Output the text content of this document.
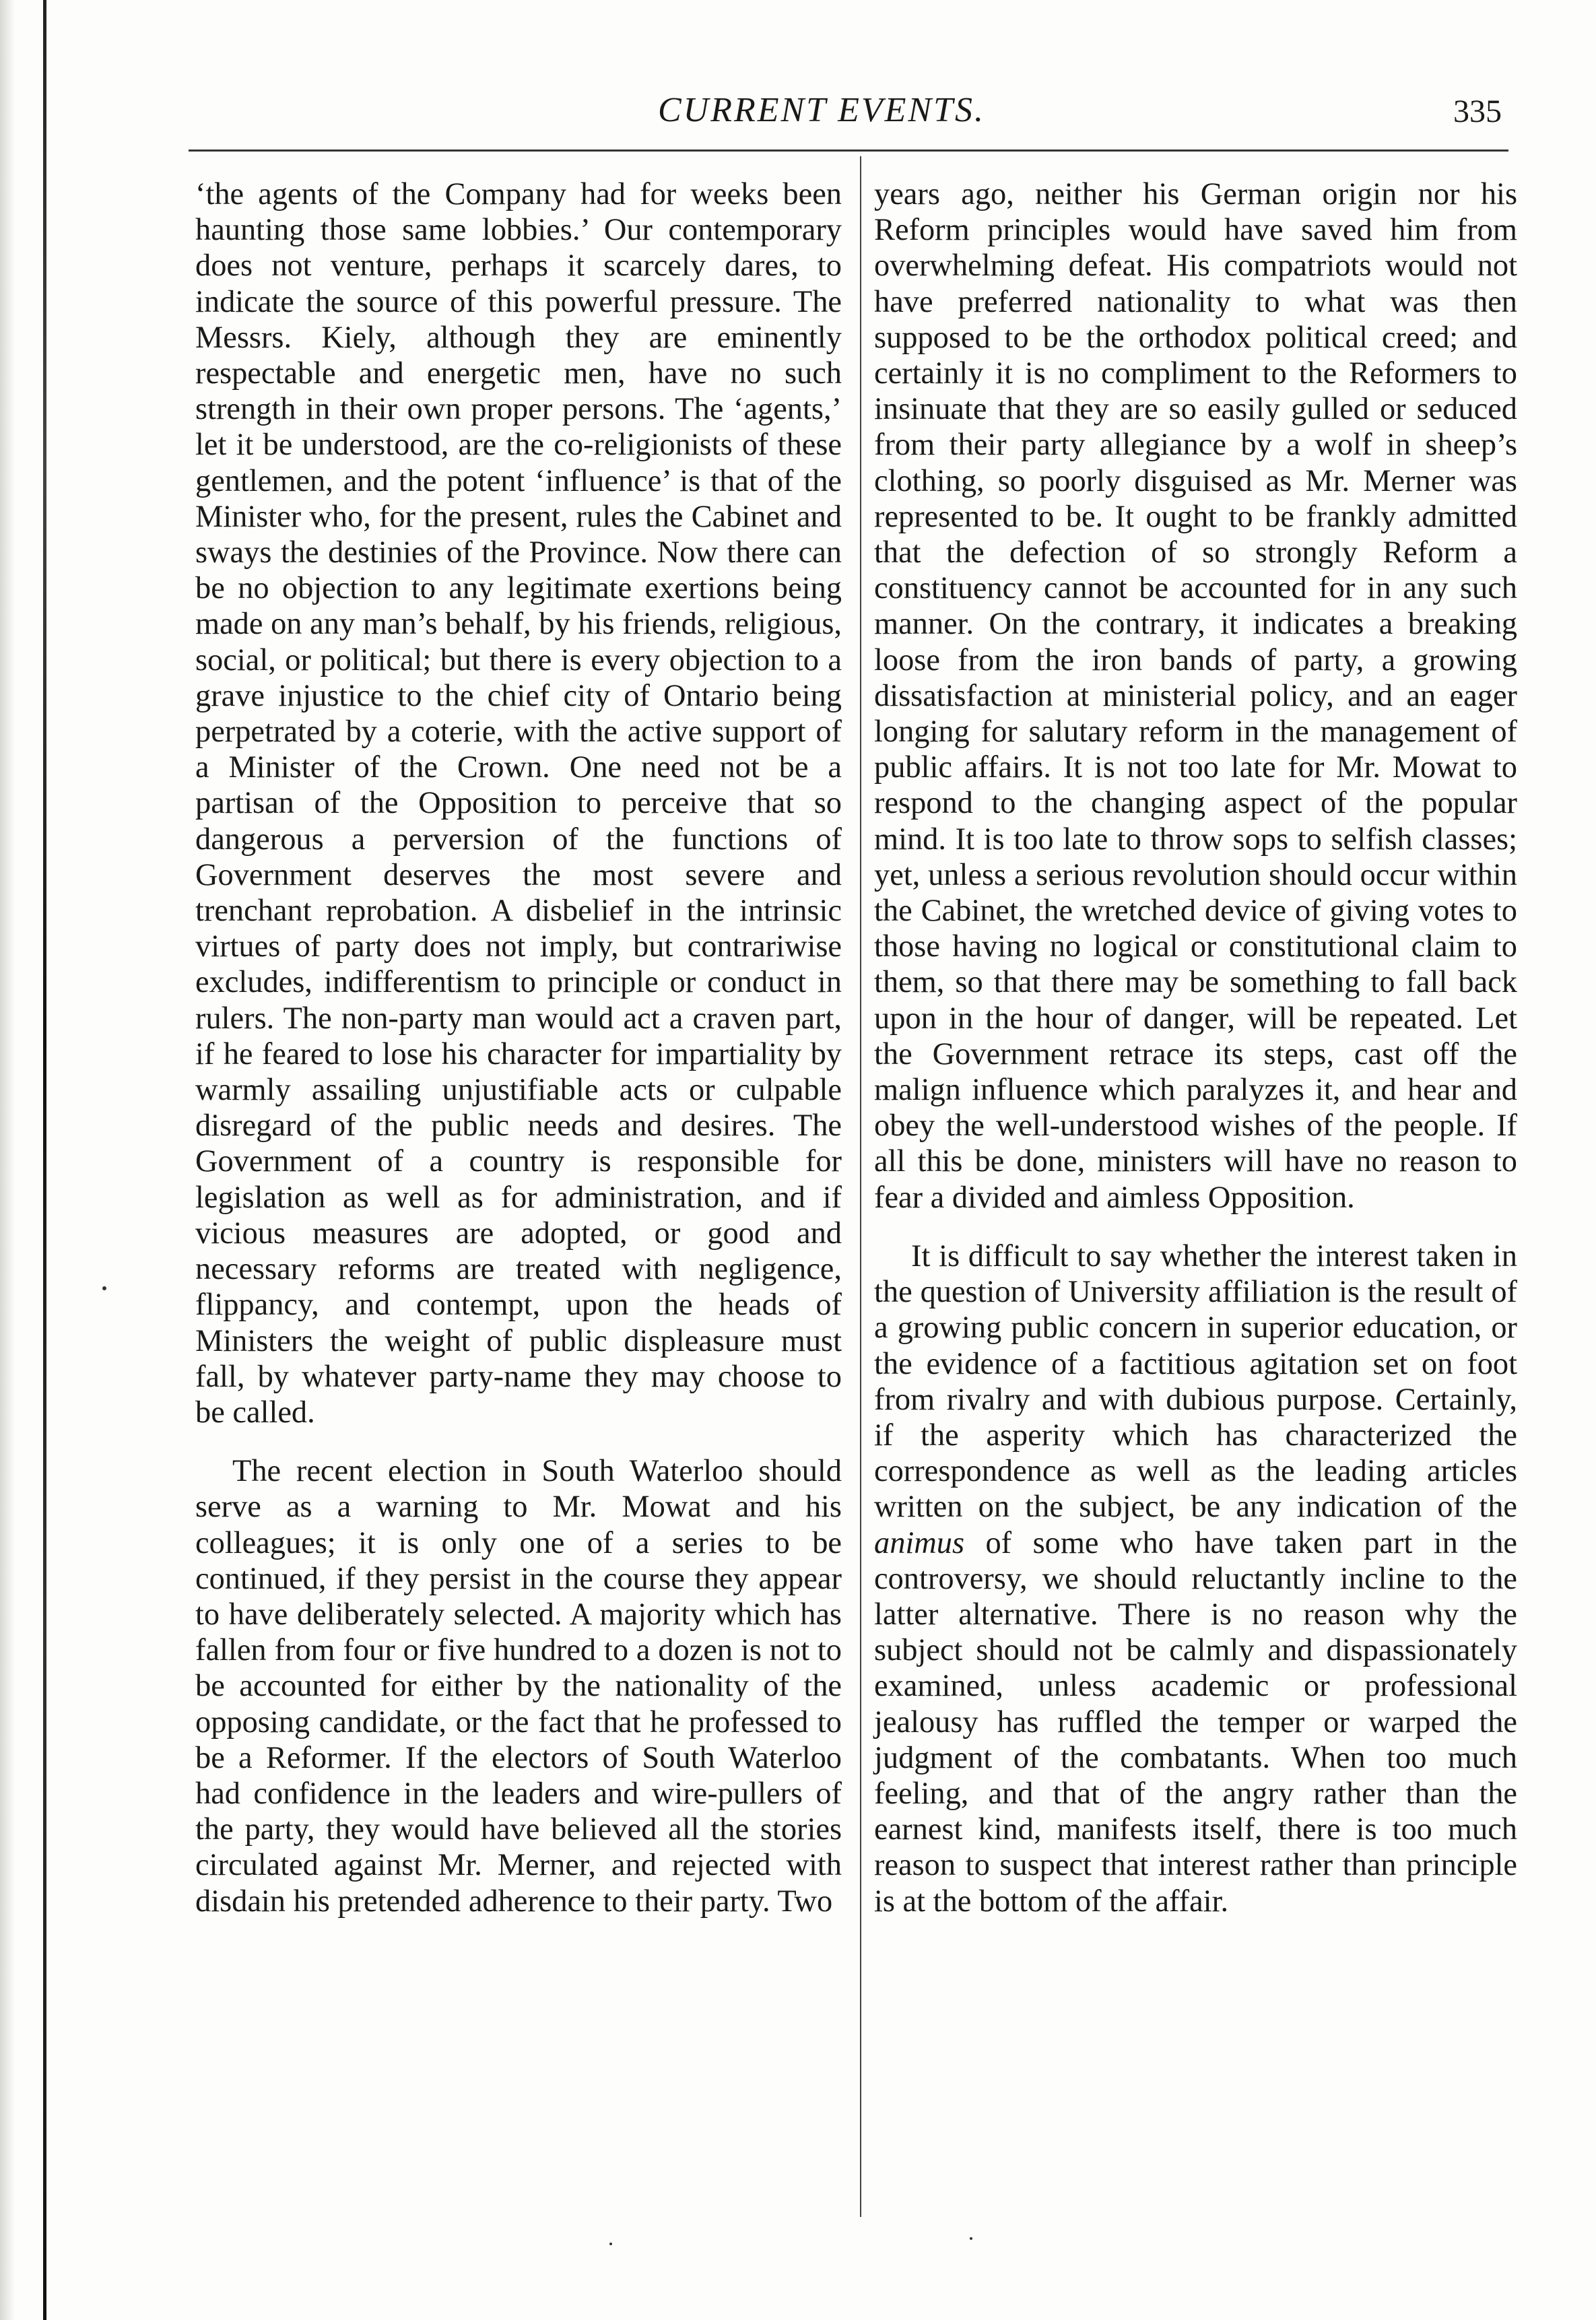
CURRENT EVENTS.	335

‘the agents of the Company had for weeks been haunting those same lobbies.’ Our contemporary does not venture, perhaps it scarcely dares, to indicate the source of this powerful pressure. The Messrs. Kiely, although they are eminently respectable and energetic men, have no such strength in their own proper persons. The ‘agents,’ let it be understood, are the co-religionists of these gentlemen, and the potent ‘influence’ is that of the Minister who, for the present, rules the Cabinet and sways the destinies of the Province. Now there can be no objection to any legitimate exertions being made on any man’s behalf, by his friends, religious, social, or political; but there is every objection to a grave injustice to the chief city of Ontario being perpetrated by a coterie, with the active support of a Minister of the Crown. One need not be a partisan of the Opposition to perceive that so dangerous a perversion of the functions of Government deserves the most severe and trenchant reprobation. A disbelief in the intrinsic virtues of party does not imply, but contrariwise excludes, indifferentism to principle or conduct in rulers. The non-party man would act a craven part, if he feared to lose his character for impartiality by warmly assailing unjustifiable acts or culpable disregard of the public needs and desires. The Government of a country is responsible for legislation as well as for administration, and if vicious measures are adopted, or good and necessary reforms are treated with negligence, flippancy, and contempt, upon the heads of Ministers the weight of public displeasure must fall, by whatever party-name they may choose to be called.

The recent election in South Waterloo should serve as a warning to Mr. Mowat and his colleagues; it is only one of a series to be continued, if they persist in the course they appear to have deliberately selected. A majority which has fallen from four or five hundred to a dozen is not to be accounted for either by the nationality of the opposing candidate, or the fact that he professed to be a Reformer. If the electors of South Waterloo had confidence in the leaders and wire-pullers of the party, they would have believed all the stories circulated against Mr. Merner, and rejected with disdain his pretended adherence to their party. Two

years ago, neither his German origin nor his Reform principles would have saved him from overwhelming defeat. His compatriots would not have preferred nationality to what was then supposed to be the orthodox political creed; and certainly it is no compliment to the Reformers to insinuate that they are so easily gulled or seduced from their party allegiance by a wolf in sheep’s clothing, so poorly disguised as Mr. Merner was represented to be. It ought to be frankly admitted that the defection of so strongly Reform a constituency cannot be accounted for in any such manner. On the contrary, it indicates a breaking loose from the iron bands of party, a growing dissatisfaction at ministerial policy, and an eager longing for salutary reform in the management of public affairs. It is not too late for Mr. Mowat to respond to the changing aspect of the popular mind. It is too late to throw sops to selfish classes; yet, unless a serious revolution should occur within the Cabinet, the wretched device of giving votes to those having no logical or constitutional claim to them, so that there may be something to fall back upon in the hour of danger, will be repeated. Let the Government retrace its steps, cast off the malign influence which paralyzes it, and hear and obey the well-understood wishes of the people. If all this be done, ministers will have no reason to fear a divided and aimless Opposition.

It is difficult to say whether the interest taken in the question of University affiliation is the result of a growing public concern in superior education, or the evidence of a factitious agitation set on foot from rivalry and with dubious purpose. Certainly, if the asperity which has characterized the correspondence as well as the leading articles written on the subject, be any indication of the animus of some who have taken part in the controversy, we should reluctantly incline to the latter alternative. There is no reason why the subject should not be calmly and dispassionately examined, unless academic or professional jealousy has ruffled the temper or warped the judgment of the combatants. When too much feeling, and that of the angry rather than the earnest kind, manifests itself, there is too much reason to suspect that interest rather than principle is at the bottom of the affair.
